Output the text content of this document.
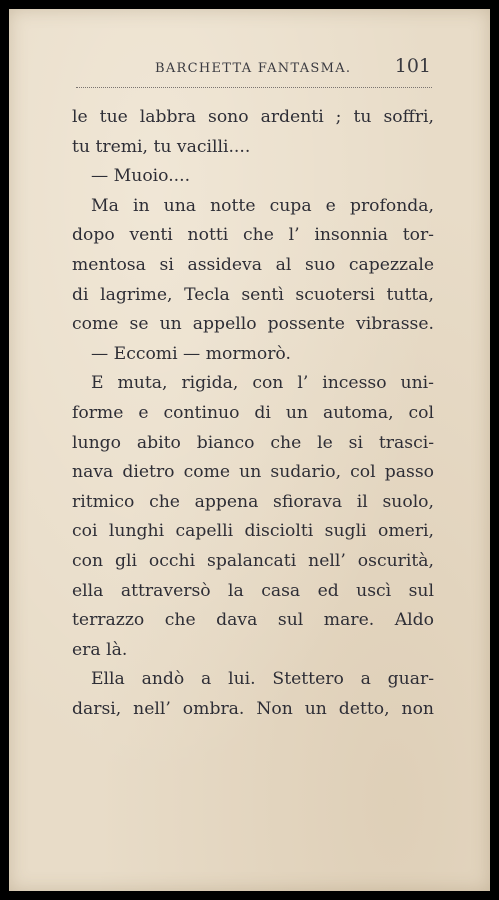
BARCHETTA FANTASMA. 101
le tue labbra sono ardenti ; tu soffri,
tu tremi, tu vacilli....
— Muoio....
Ma in una notte cupa e profonda,
dopo venti notti che l’ insonnia tor-
mentosa si assideva al suo capezzale
di lagrime, Tecla sentì scuotersi tutta,
come se un appello possente vibrasse.
— Eccomi — mormorò.
E muta, rigida, con l’ incesso uni-
forme e continuo di un automa, col
lungo abito bianco che le si trasci-
nava dietro come un sudario, col passo
ritmico che appena sfiorava il suolo,
coi lunghi capelli disciolti sugli omeri,
con gli occhi spalancati nell’ oscurità,
ella attraversò la casa ed uscì sul
terrazzo che dava sul mare. Aldo
era là.
Ella andò a lui. Stettero a guar-
darsi, nell’ ombra. Non un detto, non
